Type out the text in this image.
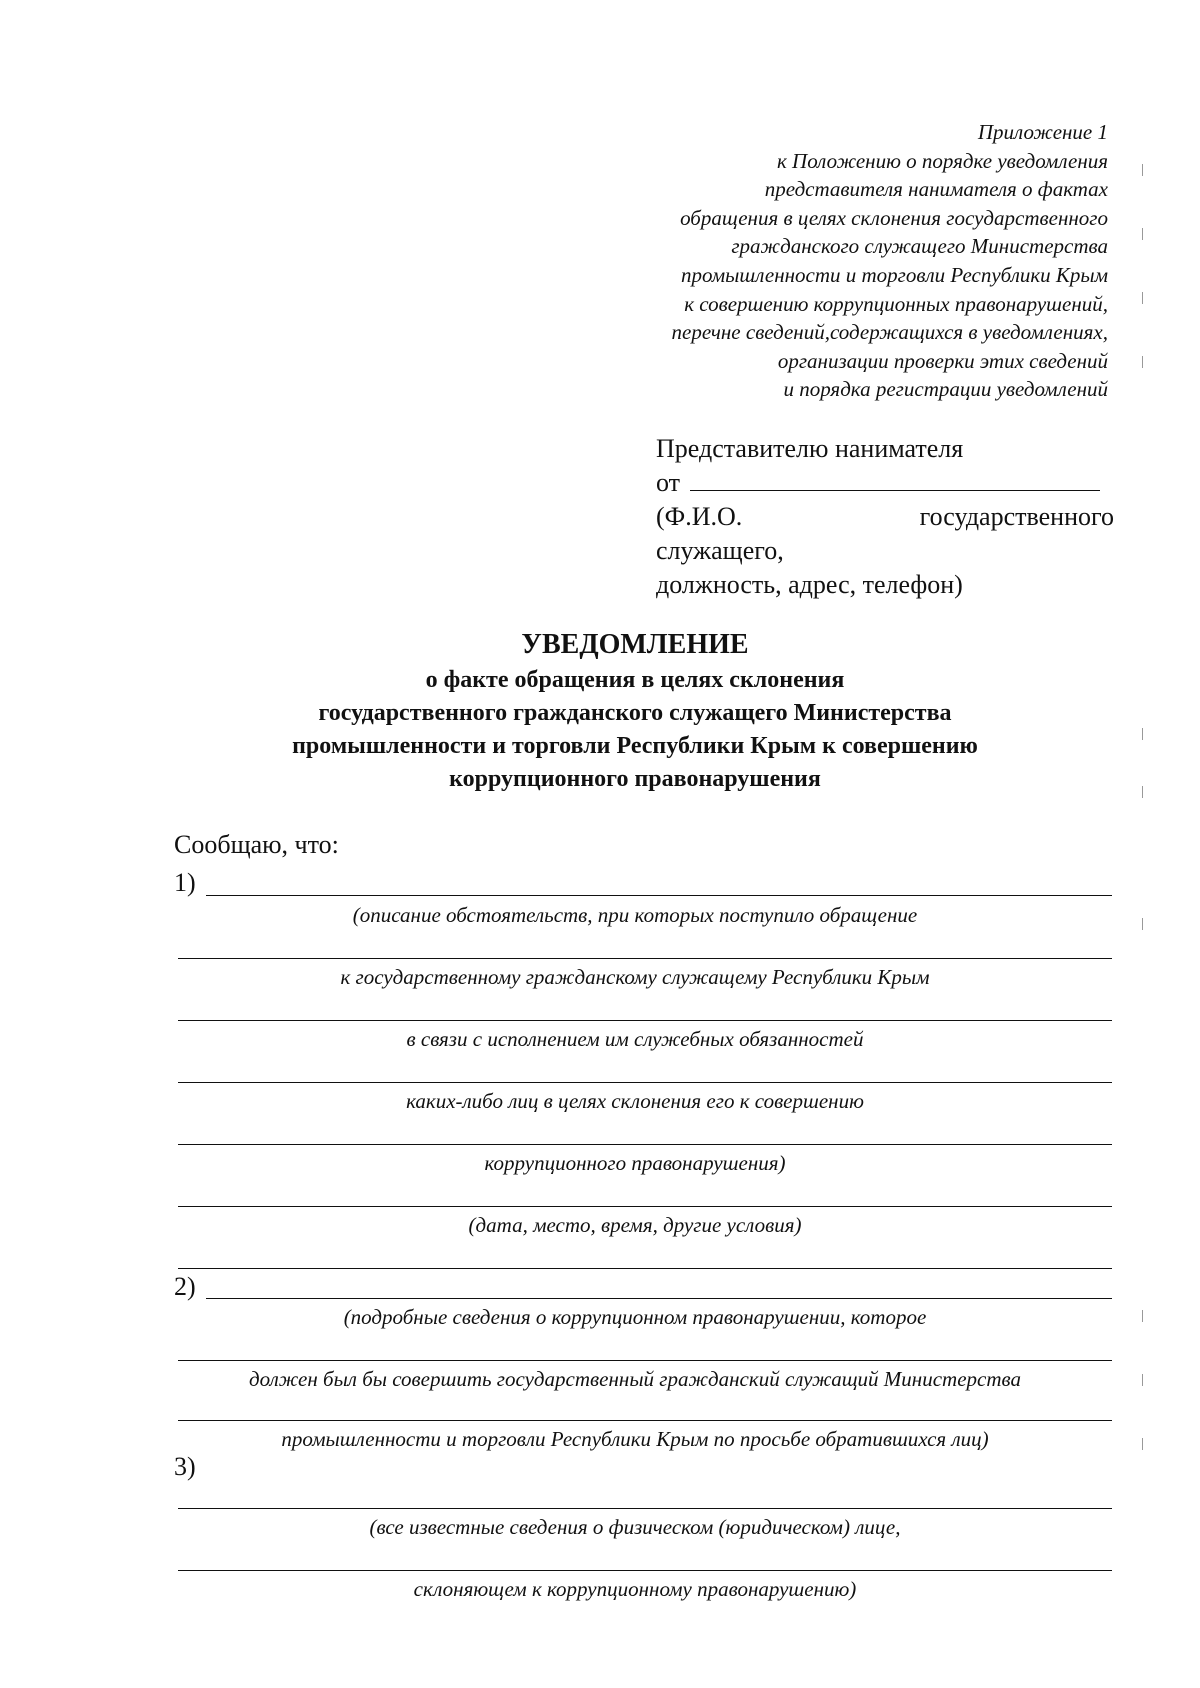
Приложение 1
к Положению о порядке уведомления
представителя нанимателя о фактах
обращения в целях склонения государственного
гражданского служащего Министерства
промышленности и торговли Республики Крым
к совершению коррупционных правонарушений,
перечне сведений,содержащихся в уведомлениях,
организации проверки этих сведений
и порядка регистрации уведомлений
Представителю нанимателя
от
(Ф.И.О.	государственного
служащего,
должность, адрес, телефон)
УВЕДОМЛЕНИЕ
о факте обращения в целях склонения
государственного гражданского служащего Министерства
промышленности и торговли Республики Крым к совершению
коррупционного правонарушения
Сообщаю, что:
1)
(описание обстоятельств, при которых поступило обращение
к государственному гражданскому служащему Республики Крым
в связи с исполнением им служебных обязанностей
каких-либо лиц в целях склонения его к совершению
коррупционного правонарушения)
(дата, место, время, другие условия)
2)
(подробные сведения о коррупционном правонарушении, которое
должен был бы совершить государственный гражданский служащий Министерства
промышленности и торговли Республики Крым по просьбе обратившихся лиц)
3)
(все известные сведения о физическом (юридическом) лице,
склоняющем к коррупционному правонарушению)
